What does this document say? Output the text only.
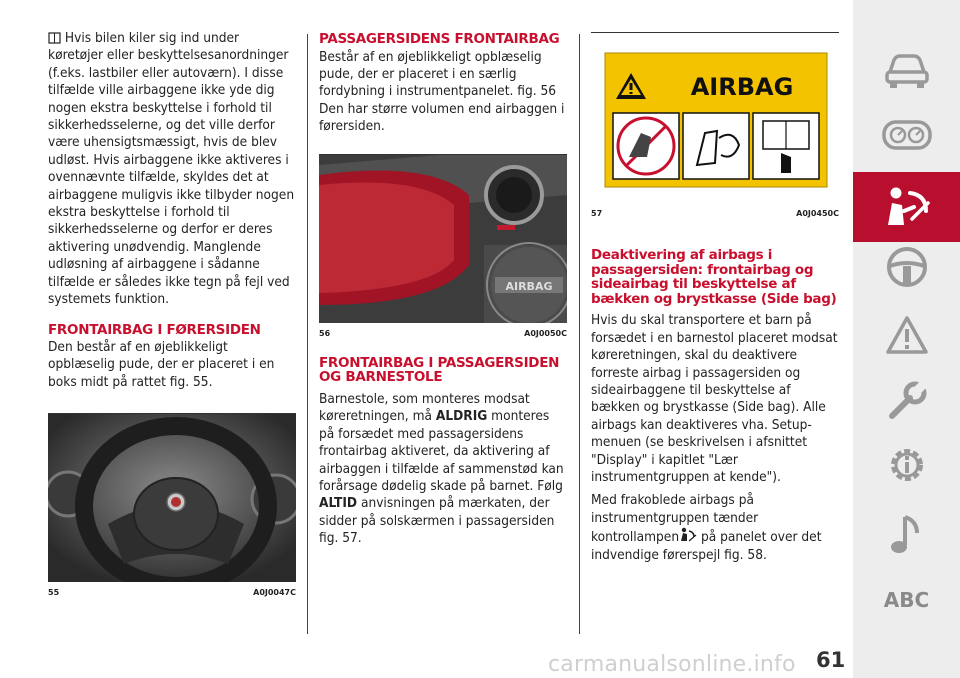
Hvis bilen kiler sig ind under køretøjer eller beskyttelsesanordninger (f.eks. lastbiler eller autoværn). I disse tilfælde ville airbaggene ikke yde dig nogen ekstra beskyttelse i forhold til sikkerhedsselerne, og det ville derfor være uhensigtsmæssigt, hvis de blev udløst. Hvis airbaggene ikke aktiveres i ovennævnte tilfælde, skyldes det at airbaggene muligvis ikke tilbyder nogen ekstra beskyttelse i forhold til sikkerhedsselerne og derfor er deres aktivering unødvendig. Manglende udløsning af airbaggene i sådanne tilfælde er således ikke tegn på fejl ved systemets funktion.

FRONTAIRBAG I FØRERSIDEN

Den består af en øjeblikkeligt opblæselig pude, der er placeret i en boks midt på rattet fig. 55.

55	A0J0047C
PASSAGERSIDENS FRONTAIRBAG

Består af en øjeblikkeligt opblæselig pude, der er placeret i en særlig fordybning i instrumentpanelet. fig. 56 Den har større volumen end airbaggen i førersiden.

AIRBAG
56	A0J0050C
FRONTAIRBAG I PASSAGERSIDEN OG BARNESTOLE

Barnestole, som monteres modsat køreretningen, må ALDRIG monteres på forsædet med passagersidens frontairbag aktiveret, da aktivering af airbaggen i tilfælde af sammenstød kan forårsage dødelig skade på barnet. Følg ALTID anvisningen på mærkaten, der sidder på solskærmen i passagersiden fig. 57.

AIRBAG
57	A0J0450C
Deaktivering af airbags i passagersiden: frontairbag og sideairbag til beskyttelse af bækken og brystkasse (Side bag)

Hvis du skal transportere et barn på forsædet i en barnestol placeret modsat køreretningen, skal du deaktivere forreste airbag i passagersiden og sideairbaggene til beskyttelse af bækken og brystkasse (Side bag). Alle airbags kan deaktiveres vha. Setup-menuen (se beskrivelsen i afsnittet "Display" i kapitlet "Lær instrumentgruppen at kende").

Med frakoblede airbags på instrumentgruppen tænder kontrollampen på panelet over det indvendige førerspejl fig. 58.

ABC
carmanualsonline.info 61
